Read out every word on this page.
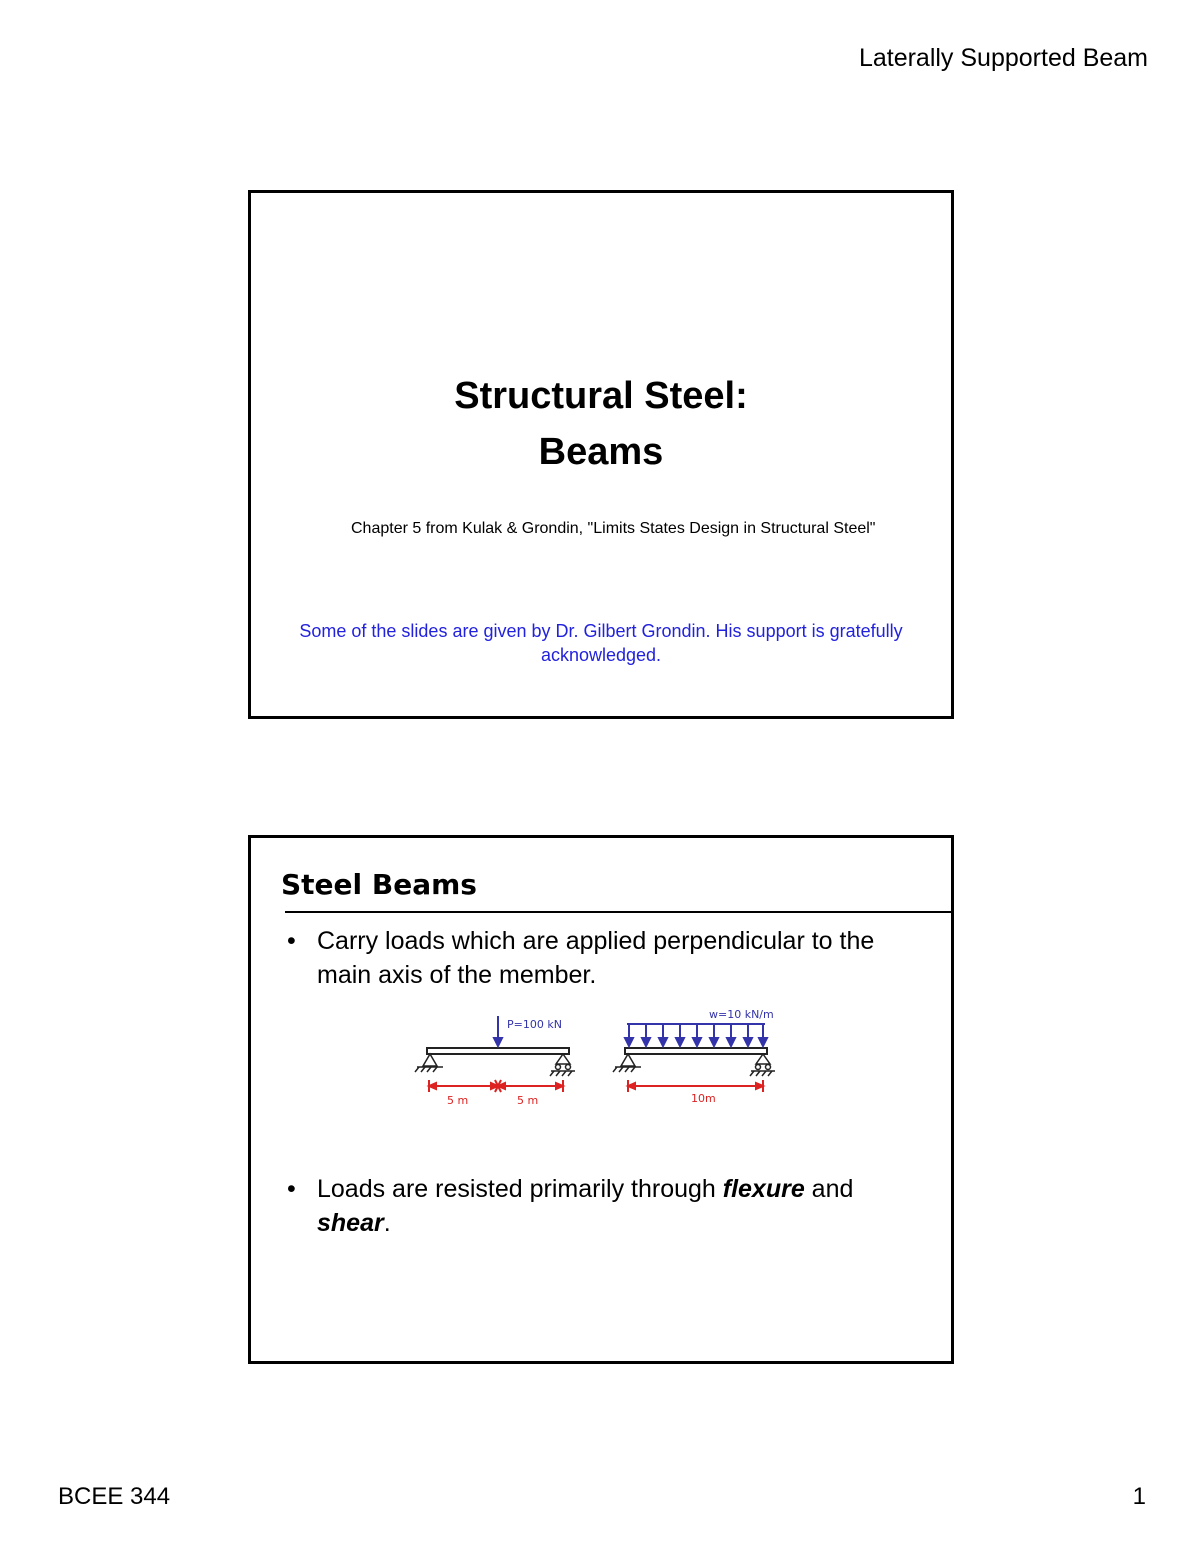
Laterally Supported Beam
Structural Steel:
Beams
Chapter 5 from Kulak & Grondin, "Limits States Design in Structural Steel"
Some of the slides are given by Dr. Gilbert Grondin. His support is gratefully acknowledged.
Steel Beams
• Carry loads which are applied perpendicular to the main axis of the member.
P=100 kN
5 m	5 m
w=10 kN/m
10m
• Loads are resisted primarily through flexure and shear.
BCEE 344	1
